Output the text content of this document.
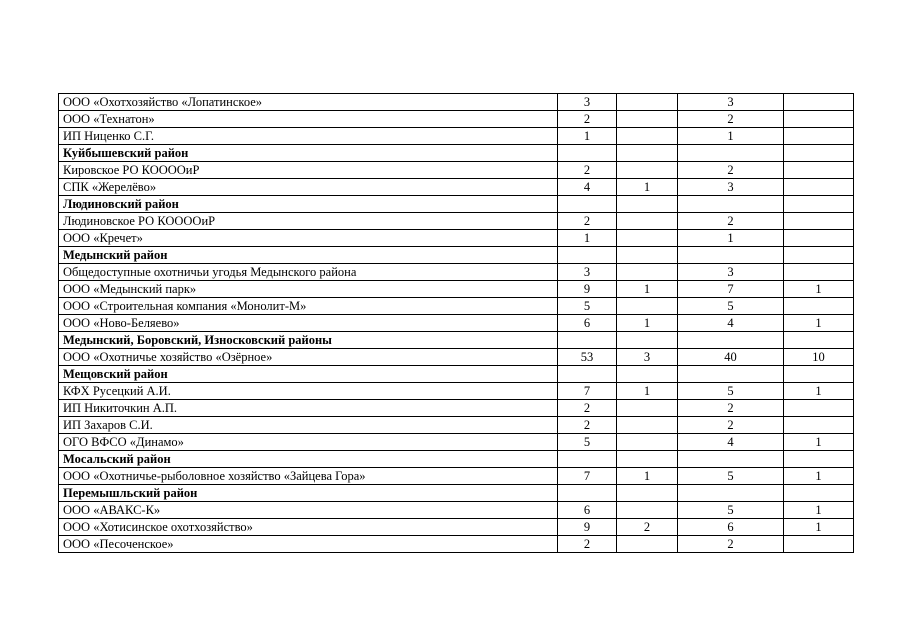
ООО «Охотхозяйство «Лопатинское»	3		3	
ООО «Технатон»	2		2	
ИП Ниценко С.Г.	1		1	
Куйбышевский район				
Кировское РО КООООиР	2		2	
СПК «Жерелёво»	4	1	3	
Людиновский район				
Людиновское РО КООООиР	2		2	
ООО «Кречет»	1		1	
Медынский район				
Общедоступные охотничьи угодья Медынского района	3		3	
ООО «Медынский парк»	9	1	7	1
ООО «Строительная компания «Монолит-М»	5		5	
ООО «Ново-Беляево»	6	1	4	1
Медынский, Боровский, Износковский районы				
ООО «Охотничье хозяйство «Озёрное»	53	3	40	10
Мещовский район				
КФХ Русецкий А.И.	7	1	5	1
ИП Никиточкин А.П.	2		2	
ИП Захаров С.И.	2		2	
ОГО ВФСО «Динамо»	5		4	1
Мосальский район				
ООО «Охотничье-рыболовное хозяйство «Зайцева Гора»	7	1	5	1
Перемышльский район				
ООО «АВАКС-К»	6		5	1
ООО «Хотисинское охотхозяйство»	9	2	6	1
ООО «Песоченское»	2		2	
